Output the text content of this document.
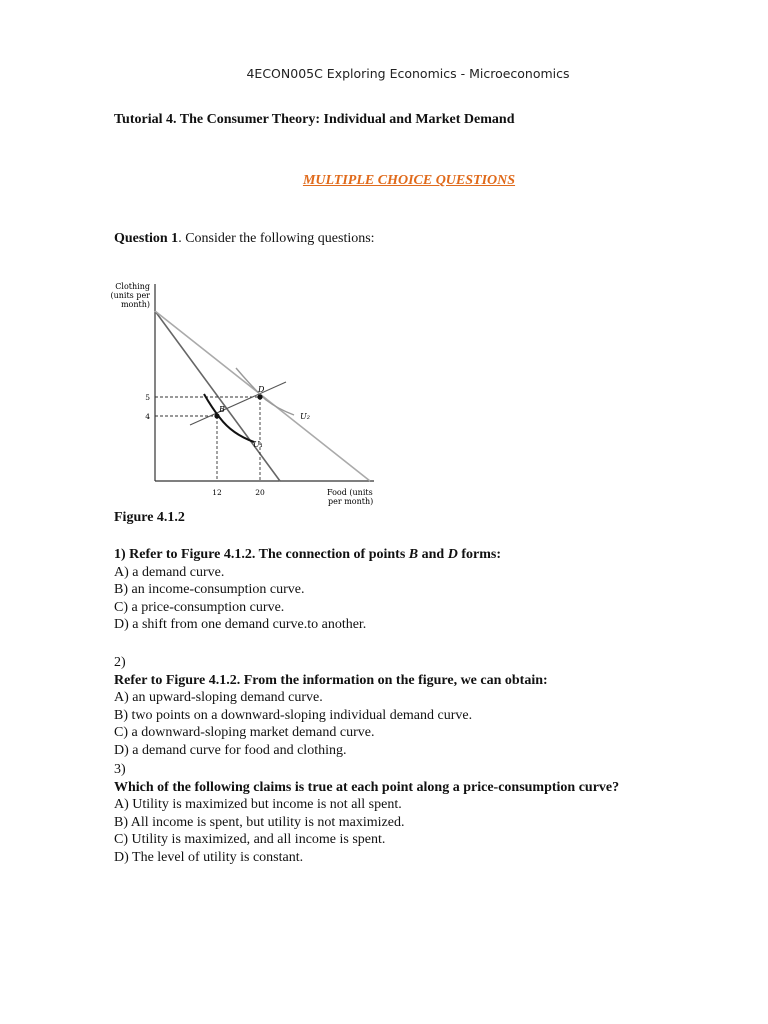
4ECON005C Exploring Economics - Microeconomics
Tutorial 4. The Consumer Theory: Individual and Market Demand
MULTIPLE CHOICE QUESTIONS
Question 1. Consider the following questions:
Clothing
(units per
month)
B
D
U₁
U₂
5
4
12	20	Food (units
per month)
Figure 4.1.2
1) Refer to Figure 4.1.2. The connection of points B and D forms:
A) a demand curve.
B) an income-consumption curve.
C) a price-consumption curve.
D) a shift from one demand curve.to another.
2)
Refer to Figure 4.1.2. From the information on the figure, we can obtain:
A) an upward-sloping demand curve.
B) two points on a downward-sloping individual demand curve.
C) a downward-sloping market demand curve.
D) a demand curve for food and clothing.
3)
Which of the following claims is true at each point along a price-consumption curve?
A) Utility is maximized but income is not all spent.
B) All income is spent, but utility is not maximized.
C) Utility is maximized, and all income is spent.
D) The level of utility is constant.
